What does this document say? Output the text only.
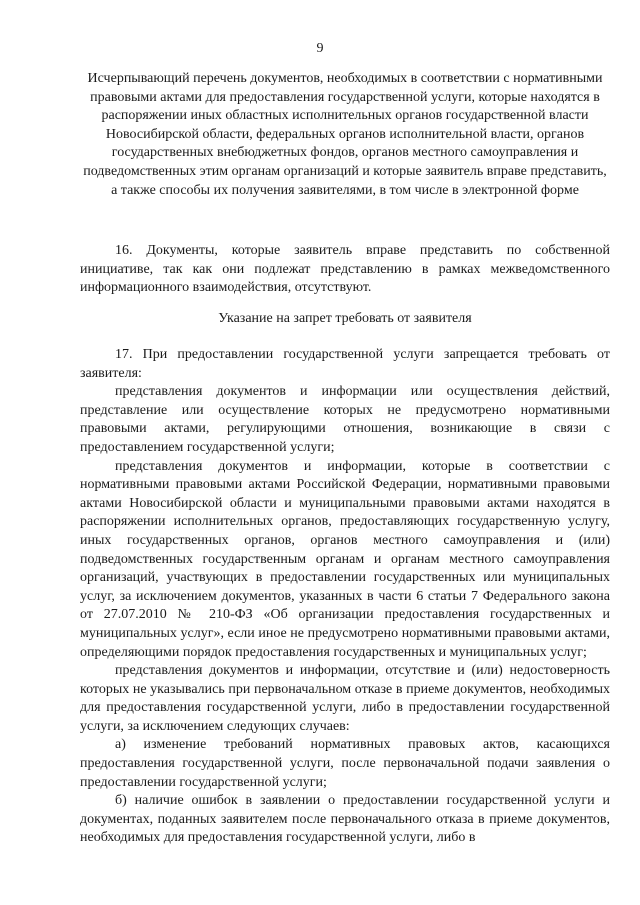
9
Исчерпывающий перечень документов, необходимых в соответствии с нормативными правовыми актами для предоставления государственной услуги, которые находятся в распоряжении иных областных исполнительных органов государственной власти Новосибирской области, федеральных органов исполнительной власти, органов государственных внебюджетных фондов, органов местного самоуправления и подведомственных этим органам организаций и которые заявитель вправе представить, а также способы их получения заявителями, в том числе в электронной форме
16. Документы, которые заявитель вправе представить по собственной инициативе, так как они подлежат представлению в рамках межведомственного информационного взаимодействия, отсутствуют.
Указание на запрет требовать от заявителя

17. При предоставлении государственной услуги запрещается требовать от заявителя:

представления документов и информации или осуществления действий, представление или осуществление которых не предусмотрено нормативными правовыми актами, регулирующими отношения, возникающие в связи с предоставлением государственной услуги;

представления документов и информации, которые в соответствии с нормативными правовыми актами Российской Федерации, нормативными правовыми актами Новосибирской области и муниципальными правовыми актами находятся в распоряжении исполнительных органов, предоставляющих государственную услугу, иных государственных органов, органов местного самоуправления и (или) подведомственных государственным органам и органам местного самоуправления организаций, участвующих в предоставлении государственных или муниципальных услуг, за исключением документов, указанных в части 6 статьи 7 Федерального закона от 27.07.2010 № 210-ФЗ «Об организации предоставления государственных и муниципальных услуг», если иное не предусмотрено нормативными правовыми актами, определяющими порядок предоставления государственных и муниципальных услуг;

представления документов и информации, отсутствие и (или) недостоверность которых не указывались при первоначальном отказе в приеме документов, необходимых для предоставления государственной услуги, либо в предоставлении государственной услуги, за исключением следующих случаев:

а) изменение требований нормативных правовых актов, касающихся предоставления государственной услуги, после первоначальной подачи заявления о предоставлении государственной услуги;

б) наличие ошибок в заявлении о предоставлении государственной услуги и документах, поданных заявителем после первоначального отказа в приеме документов, необходимых для предоставления государственной услуги, либо в
